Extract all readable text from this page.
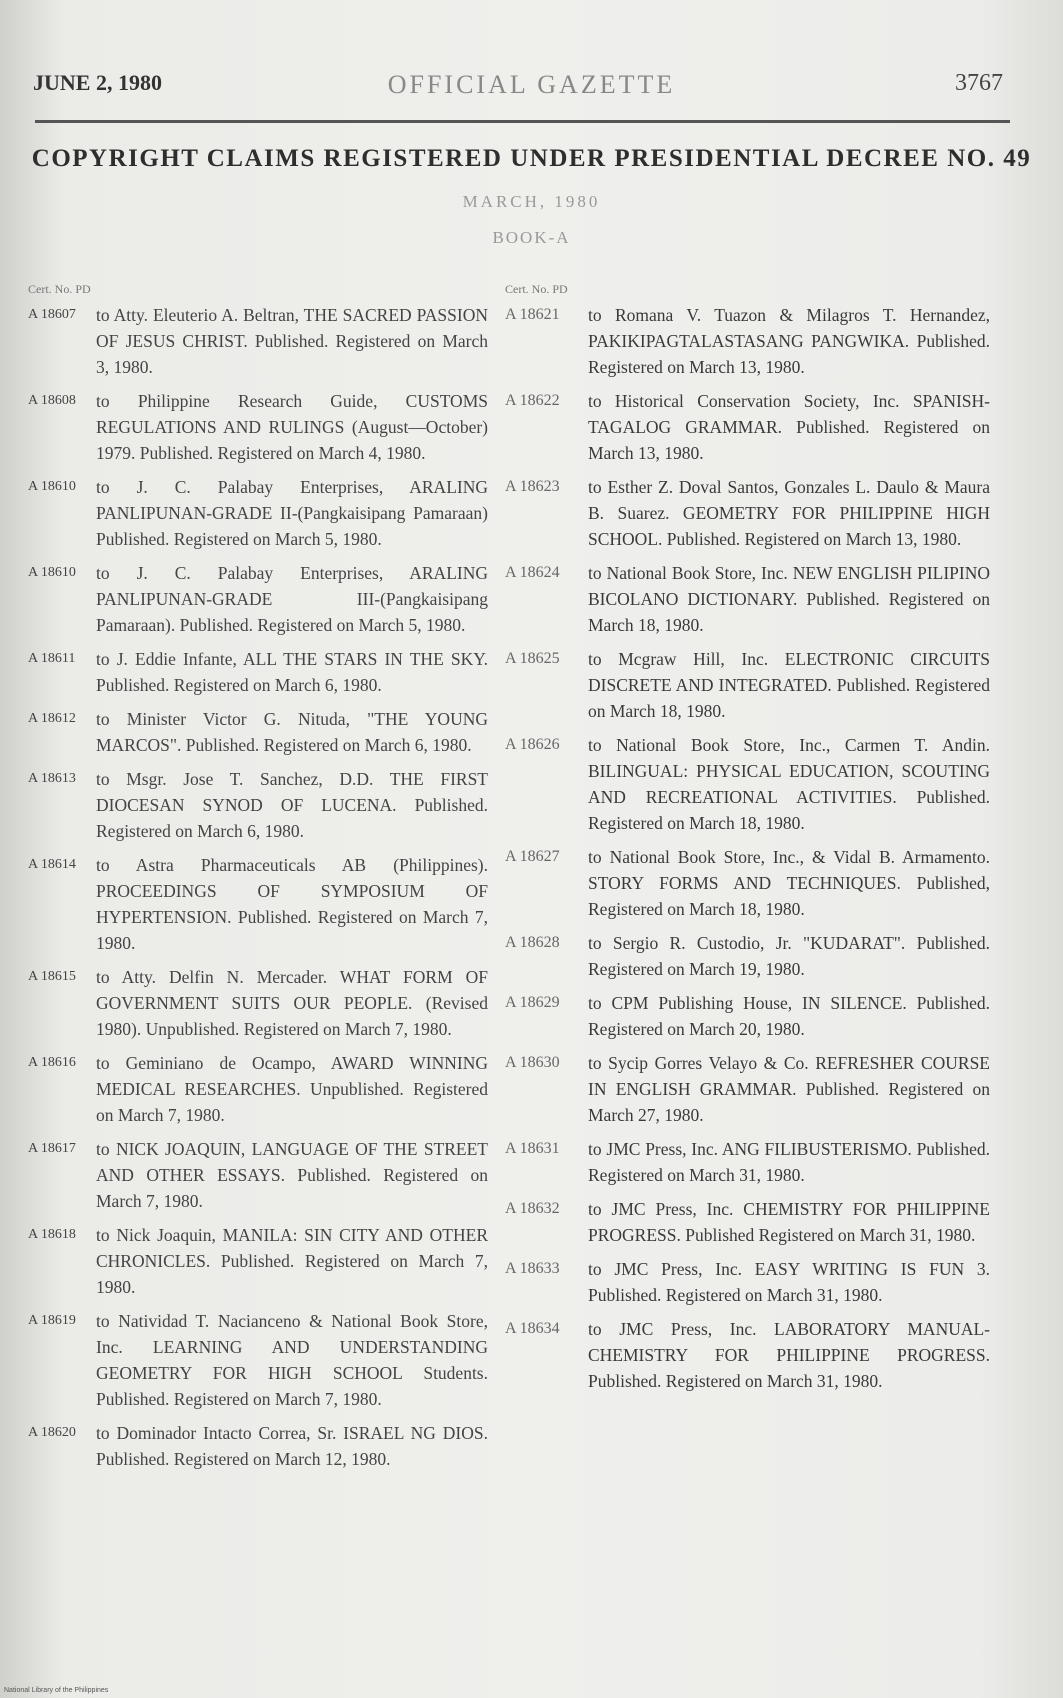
JUNE 2, 1980	OFFICIAL GAZETTE	3767
COPYRIGHT CLAIMS REGISTERED UNDER PRESIDENTIAL DECREE NO. 49
MARCH, 1980
BOOK-A
Cert. No. PD	Cert. No. PD
A 18607 to Atty. Eleuterio A. Beltran, THE SACRED PASSION OF JESUS CHRIST. Published. Registered on March 3, 1980.
A 18608 to Philippine Research Guide, CUSTOMS REGULATIONS AND RULINGS (August—October) 1979. Published. Registered on March 4, 1980.
A 18610 to J. C. Palabay Enterprises, ARALING PANLIPUNAN-GRADE II-(Pangkaisipang Pamaraan) Published. Registered on March 5, 1980.
A 18610 to J. C. Palabay Enterprises, ARALING PANLIPUNAN-GRADE III-(Pangkaisipang Pamaraan). Published. Registered on March 5, 1980.
A 18611 to J. Eddie Infante, ALL THE STARS IN THE SKY. Published. Registered on March 6, 1980.
A 18612 to Minister Victor G. Nituda, "THE YOUNG MARCOS". Published. Registered on March 6, 1980.
A 18613 to Msgr. Jose T. Sanchez, D.D. THE FIRST DIOCESAN SYNOD OF LUCENA. Published. Registered on March 6, 1980.
A 18614 to Astra Pharmaceuticals AB (Philippines). PROCEEDINGS OF SYMPOSIUM OF HYPERTENSION. Published. Registered on March 7, 1980.
A 18615 to Atty. Delfin N. Mercader. WHAT FORM OF GOVERNMENT SUITS OUR PEOPLE. (Revised 1980). Unpublished. Registered on March 7, 1980.
A 18616 to Geminiano de Ocampo, AWARD WINNING MEDICAL RESEARCHES. Unpublished. Registered on March 7, 1980.
A 18617 to NICK JOAQUIN, LANGUAGE OF THE STREET AND OTHER ESSAYS. Published. Registered on March 7, 1980.
A 18618 to Nick Joaquin, MANILA: SIN CITY AND OTHER CHRONICLES. Published. Registered on March 7, 1980.
A 18619 to Natividad T. Nacianceno & National Book Store, Inc. LEARNING AND UNDERSTANDING GEOMETRY FOR HIGH SCHOOL Students. Published. Registered on March 7, 1980.
A 18620 to Dominador Intacto Correa, Sr. ISRAEL NG DIOS. Published. Registered on March 12, 1980.
A 18621 to Romana V. Tuazon & Milagros T. Hernandez, PAKIKIPAGTALASTASANG PANGWIKA. Published. Registered on March 13, 1980.
A 18622 to Historical Conservation Society, Inc. SPANISH-TAGALOG GRAMMAR. Published. Registered on March 13, 1980.
A 18623 to Esther Z. Doval Santos, Gonzales L. Daulo & Maura B. Suarez. GEOMETRY FOR PHILIPPINE HIGH SCHOOL. Published. Registered on March 13, 1980.
A 18624 to National Book Store, Inc. NEW ENGLISH PILIPINO BICOLANO DICTIONARY. Published. Registered on March 18, 1980.
A 18625 to Mcgraw Hill, Inc. ELECTRONIC CIRCUITS DISCRETE AND INTEGRATED. Published. Registered on March 18, 1980.
A 18626 to National Book Store, Inc., Carmen T. Andin. BILINGUAL: PHYSICAL EDUCATION, SCOUTING AND RECREATIONAL ACTIVITIES. Published. Registered on March 18, 1980.
A 18627 to National Book Store, Inc., & Vidal B. Armamento. STORY FORMS AND TECHNIQUES. Published, Registered on March 18, 1980.
A 18628 to Sergio R. Custodio, Jr. "KUDARAT". Published. Registered on March 19, 1980.
A 18629 to CPM Publishing House, IN SILENCE. Published. Registered on March 20, 1980.
A 18630 to Sycip Gorres Velayo & Co. REFRESHER COURSE IN ENGLISH GRAMMAR. Published. Registered on March 27, 1980.
A 18631 to JMC Press, Inc. ANG FILIBUSTERISMO. Published. Registered on March 31, 1980.
A 18632 to JMC Press, Inc. CHEMISTRY FOR PHILIPPINE PROGRESS. Published Registered on March 31, 1980.
A 18633 to JMC Press, Inc. EASY WRITING IS FUN 3. Published. Registered on March 31, 1980.
A 18634 to JMC Press, Inc. LABORATORY MANUAL-CHEMISTRY FOR PHILIPPINE PROGRESS. Published. Registered on March 31, 1980.
National Library of the Philippines
